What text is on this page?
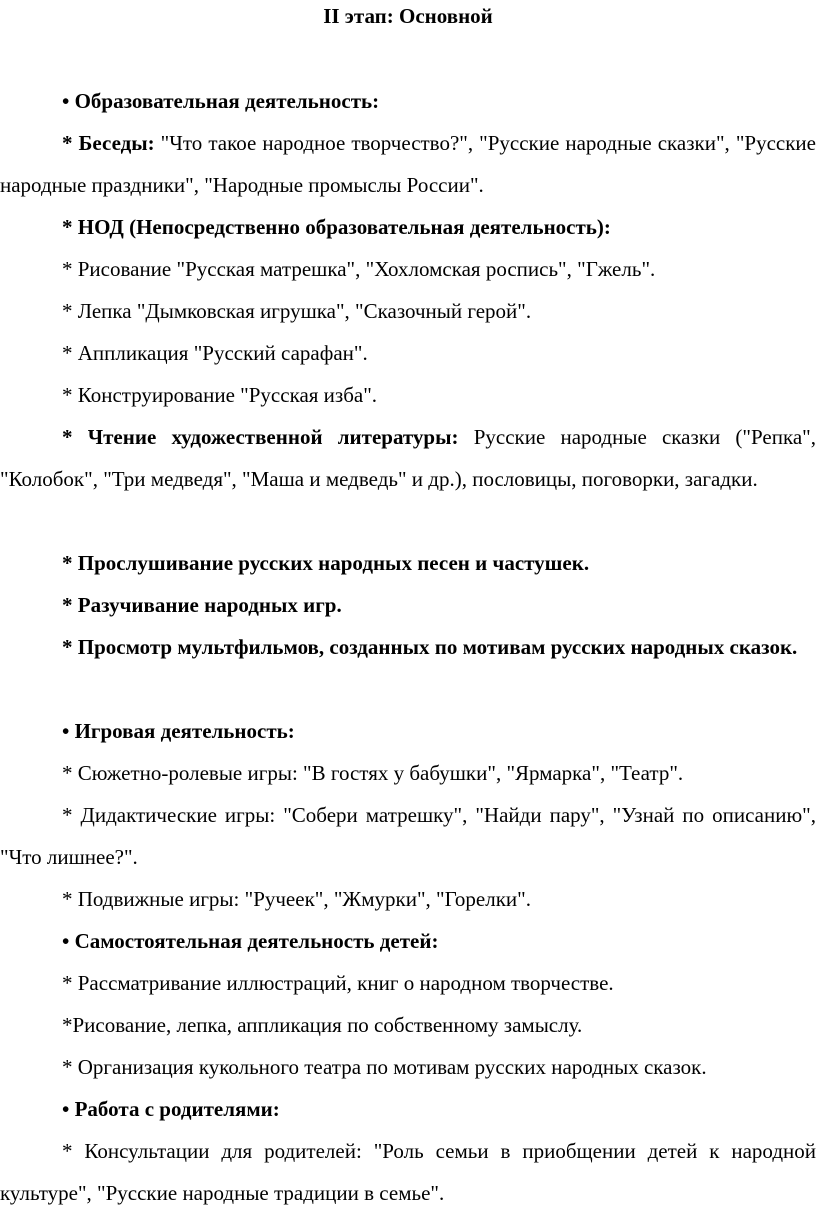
II этап: Основной
• Образовательная деятельность:
* Беседы: "Что такое народное творчество?", "Русские народные сказки", "Русские народные праздники", "Народные промыслы России".
* НОД (Непосредственно образовательная деятельность):
* Рисование "Русская матрешка", "Хохломская роспись", "Гжель".
* Лепка "Дымковская игрушка", "Сказочный герой".
* Аппликация "Русский сарафан".
* Конструирование "Русская изба".
* Чтение художественной литературы: Русские народные сказки ("Репка", "Колобок", "Три медведя", "Маша и медведь" и др.), пословицы, поговорки, загадки.
* Прослушивание русских народных песен и частушек.
* Разучивание народных игр.
* Просмотр мультфильмов, созданных по мотивам русских народных сказок.
• Игровая деятельность:
* Сюжетно-ролевые игры: "В гостях у бабушки", "Ярмарка", "Театр".
* Дидактические игры: "Собери матрешку", "Найди пару", "Узнай по описанию", "Что лишнее?".
* Подвижные игры: "Ручеек", "Жмурки", "Горелки".
• Самостоятельная деятельность детей:
* Рассматривание иллюстраций, книг о народном творчестве.
*Рисование, лепка, аппликация по собственному замыслу.
* Организация кукольного театра по мотивам русских народных сказок.
• Работа с родителями:
* Консультации для родителей: "Роль семьи в приобщении детей к народной культуре", "Русские народные традиции в семье".
